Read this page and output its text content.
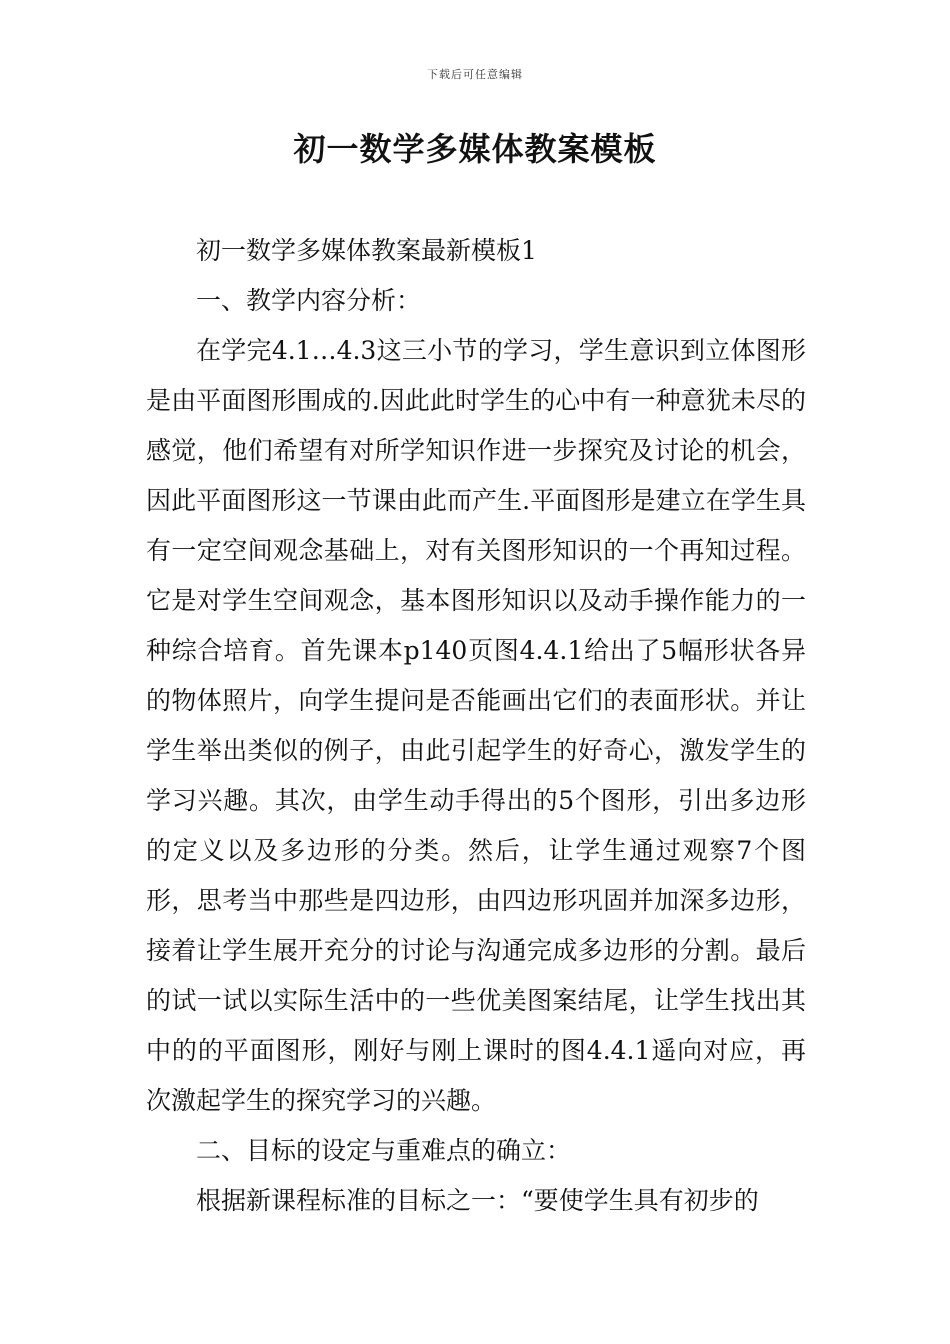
下载后可任意编辑
初一数学多媒体教案模板

初一数学多媒体教案最新模板1

一、教学内容分析：

在学完4.1…4.3这三小节的学习，学生意识到立体图形是由平面图形围成的.因此此时学生的心中有一种意犹未尽的感觉，他们希望有对所学知识作进一步探究及讨论的机会，因此平面图形这一节课由此而产生.平面图形是建立在学生具有一定空间观念基础上，对有关图形知识的一个再知过程。它是对学生空间观念，基本图形知识以及动手操作能力的一种综合培育。首先课本p140页图4.4.1给出了5幅形状各异的物体照片，向学生提问是否能画出它们的表面形状。并让学生举出类似的例子，由此引起学生的好奇心，激发学生的学习兴趣。其次，由学生动手得出的5个图形，引出多边形的定义以及多边形的分类。然后，让学生通过观察7个图形，思考当中那些是四边形，由四边形巩固并加深多边形，接着让学生展开充分的讨论与沟通完成多边形的分割。最后的试一试以实际生活中的一些优美图案结尾，让学生找出其中的的平面图形，刚好与刚上课时的图4.4.1遥向对应，再次激起学生的探究学习的兴趣。

二、目标的设定与重难点的确立：

根据新课程标准的目标之一：“要使学生具有初步的
